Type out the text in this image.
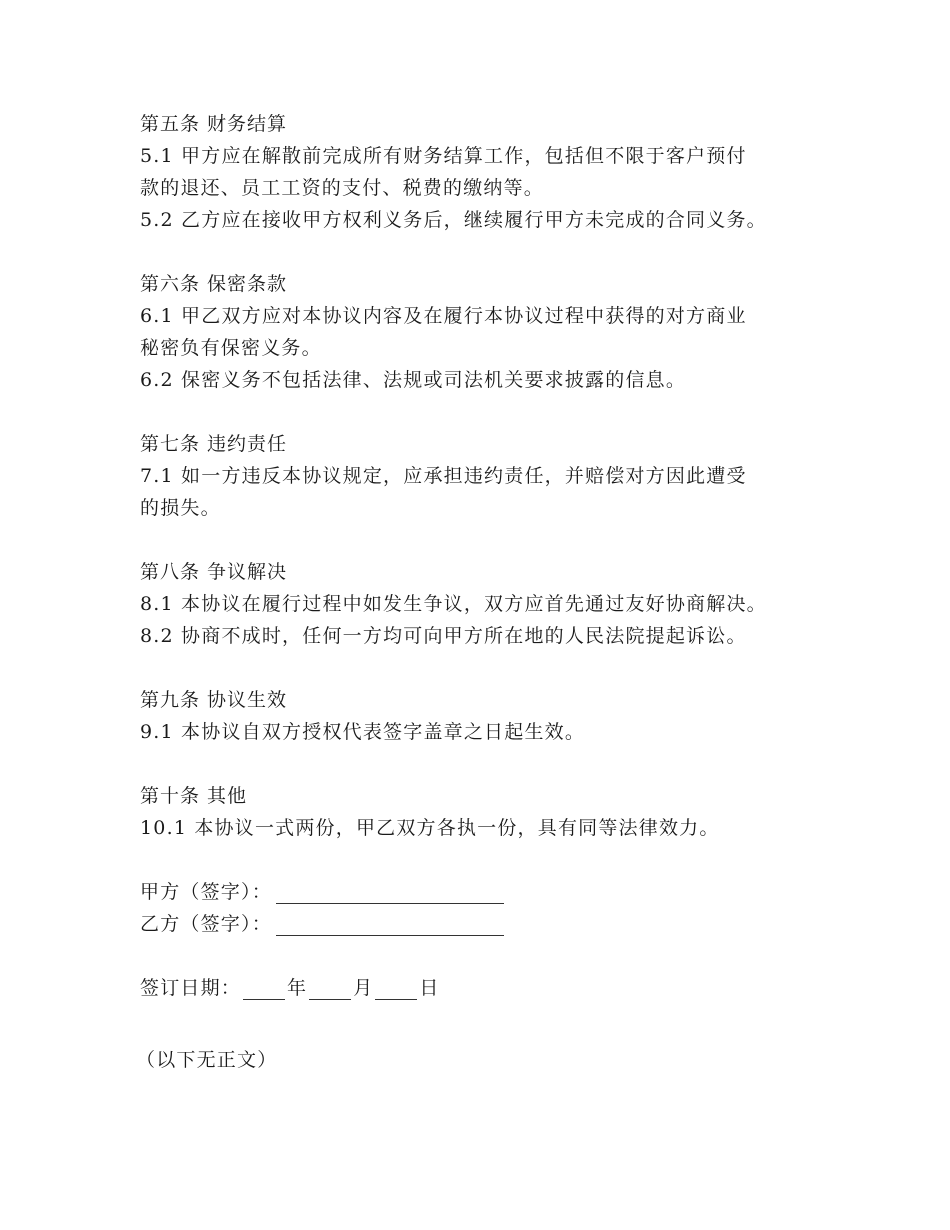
第五条 财务结算
5.1 甲方应在解散前完成所有财务结算工作，包括但不限于客户预付
款的退还、员工工资的支付、税费的缴纳等。
5.2 乙方应在接收甲方权利义务后，继续履行甲方未完成的合同义务。
第六条 保密条款
6.1 甲乙双方应对本协议内容及在履行本协议过程中获得的对方商业
秘密负有保密义务。
6.2 保密义务不包括法律、法规或司法机关要求披露的信息。
第七条 违约责任
7.1 如一方违反本协议规定，应承担违约责任，并赔偿对方因此遭受
的损失。
第八条 争议解决
8.1 本协议在履行过程中如发生争议，双方应首先通过友好协商解决。
8.2 协商不成时，任何一方均可向甲方所在地的人民法院提起诉讼。
第九条 协议生效
9.1 本协议自双方授权代表签字盖章之日起生效。
第十条 其他
10.1 本协议一式两份，甲乙双方各执一份，具有同等法律效力。
甲方（签字）：
乙方（签字）：
签订日期： 年 月 日
（以下无正文）
